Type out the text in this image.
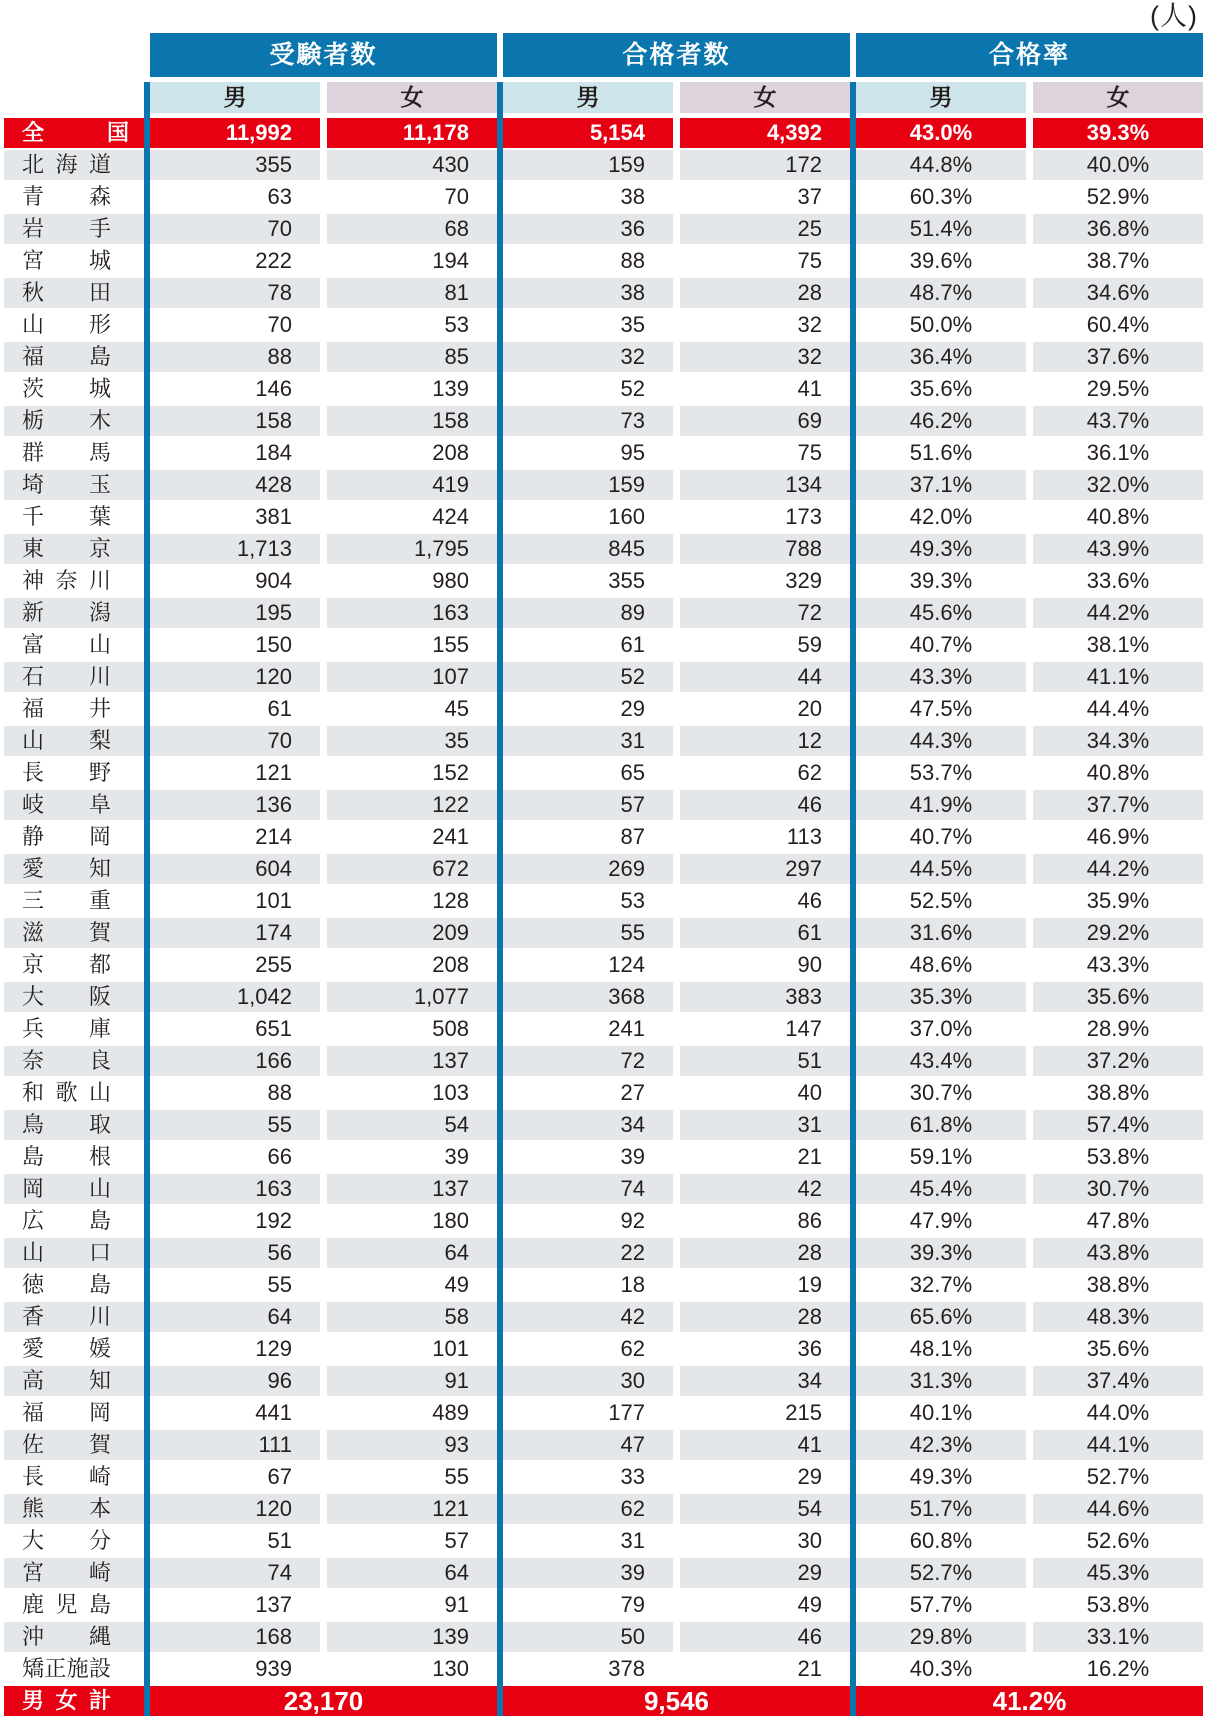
(人)
受験者数	合格者数	合格率
男	女	男	女	男	女
全	国	11,992	11,178	5,154	4,392	43.0%	39.3%
北 海 道	355	430	159	172	44.8%	40.0%
青 森	63	70	38	37	60.3%	52.9%
岩 手	70	68	36	25	51.4%	36.8%
宮 城	222	194	88	75	39.6%	38.7%
秋 田	78	81	38	28	48.7%	34.6%
山 形	70	53	35	32	50.0%	60.4%
福 島	88	85	32	32	36.4%	37.6%
茨 城	146	139	52	41	35.6%	29.5%
栃 木	158	158	73	69	46.2%	43.7%
群 馬	184	208	95	75	51.6%	36.1%
埼 玉	428	419	159	134	37.1%	32.0%
千 葉	381	424	160	173	42.0%	40.8%
東 京	1,713	1,795	845	788	49.3%	43.9%
神 奈 川	904	980	355	329	39.3%	33.6%
新 潟	195	163	89	72	45.6%	44.2%
富 山	150	155	61	59	40.7%	38.1%
石 川	120	107	52	44	43.3%	41.1%
福 井	61	45	29	20	47.5%	44.4%
山 梨	70	35	31	12	44.3%	34.3%
長 野	121	152	65	62	53.7%	40.8%
岐 阜	136	122	57	46	41.9%	37.7%
静 岡	214	241	87	113	40.7%	46.9%
愛 知	604	672	269	297	44.5%	44.2%
三 重	101	128	53	46	52.5%	35.9%
滋 賀	174	209	55	61	31.6%	29.2%
京 都	255	208	124	90	48.6%	43.3%
大 阪	1,042	1,077	368	383	35.3%	35.6%
兵 庫	651	508	241	147	37.0%	28.9%
奈 良	166	137	72	51	43.4%	37.2%
和 歌 山	88	103	27	40	30.7%	38.8%
鳥 取	55	54	34	31	61.8%	57.4%
島 根	66	39	39	21	59.1%	53.8%
岡 山	163	137	74	42	45.4%	30.7%
広 島	192	180	92	86	47.9%	47.8%
山 口	56	64	22	28	39.3%	43.8%
徳 島	55	49	18	19	32.7%	38.8%
香 川	64	58	42	28	65.6%	48.3%
愛 媛	129	101	62	36	48.1%	35.6%
高 知	96	91	30	34	31.3%	37.4%
福 岡	441	489	177	215	40.1%	44.0%
佐 賀	111	93	47	41	42.3%	44.1%
長 崎	67	55	33	29	49.3%	52.7%
熊 本	120	121	62	54	51.7%	44.6%
大 分	51	57	31	30	60.8%	52.6%
宮 崎	74	64	39	29	52.7%	45.3%
鹿 児 島	137	91	79	49	57.7%	53.8%
沖 縄	168	139	50	46	29.8%	33.1%
矯 正 施 設	939	130	378	21	40.3%	16.2%
男 女 計	23,170	9,546	41.2%
